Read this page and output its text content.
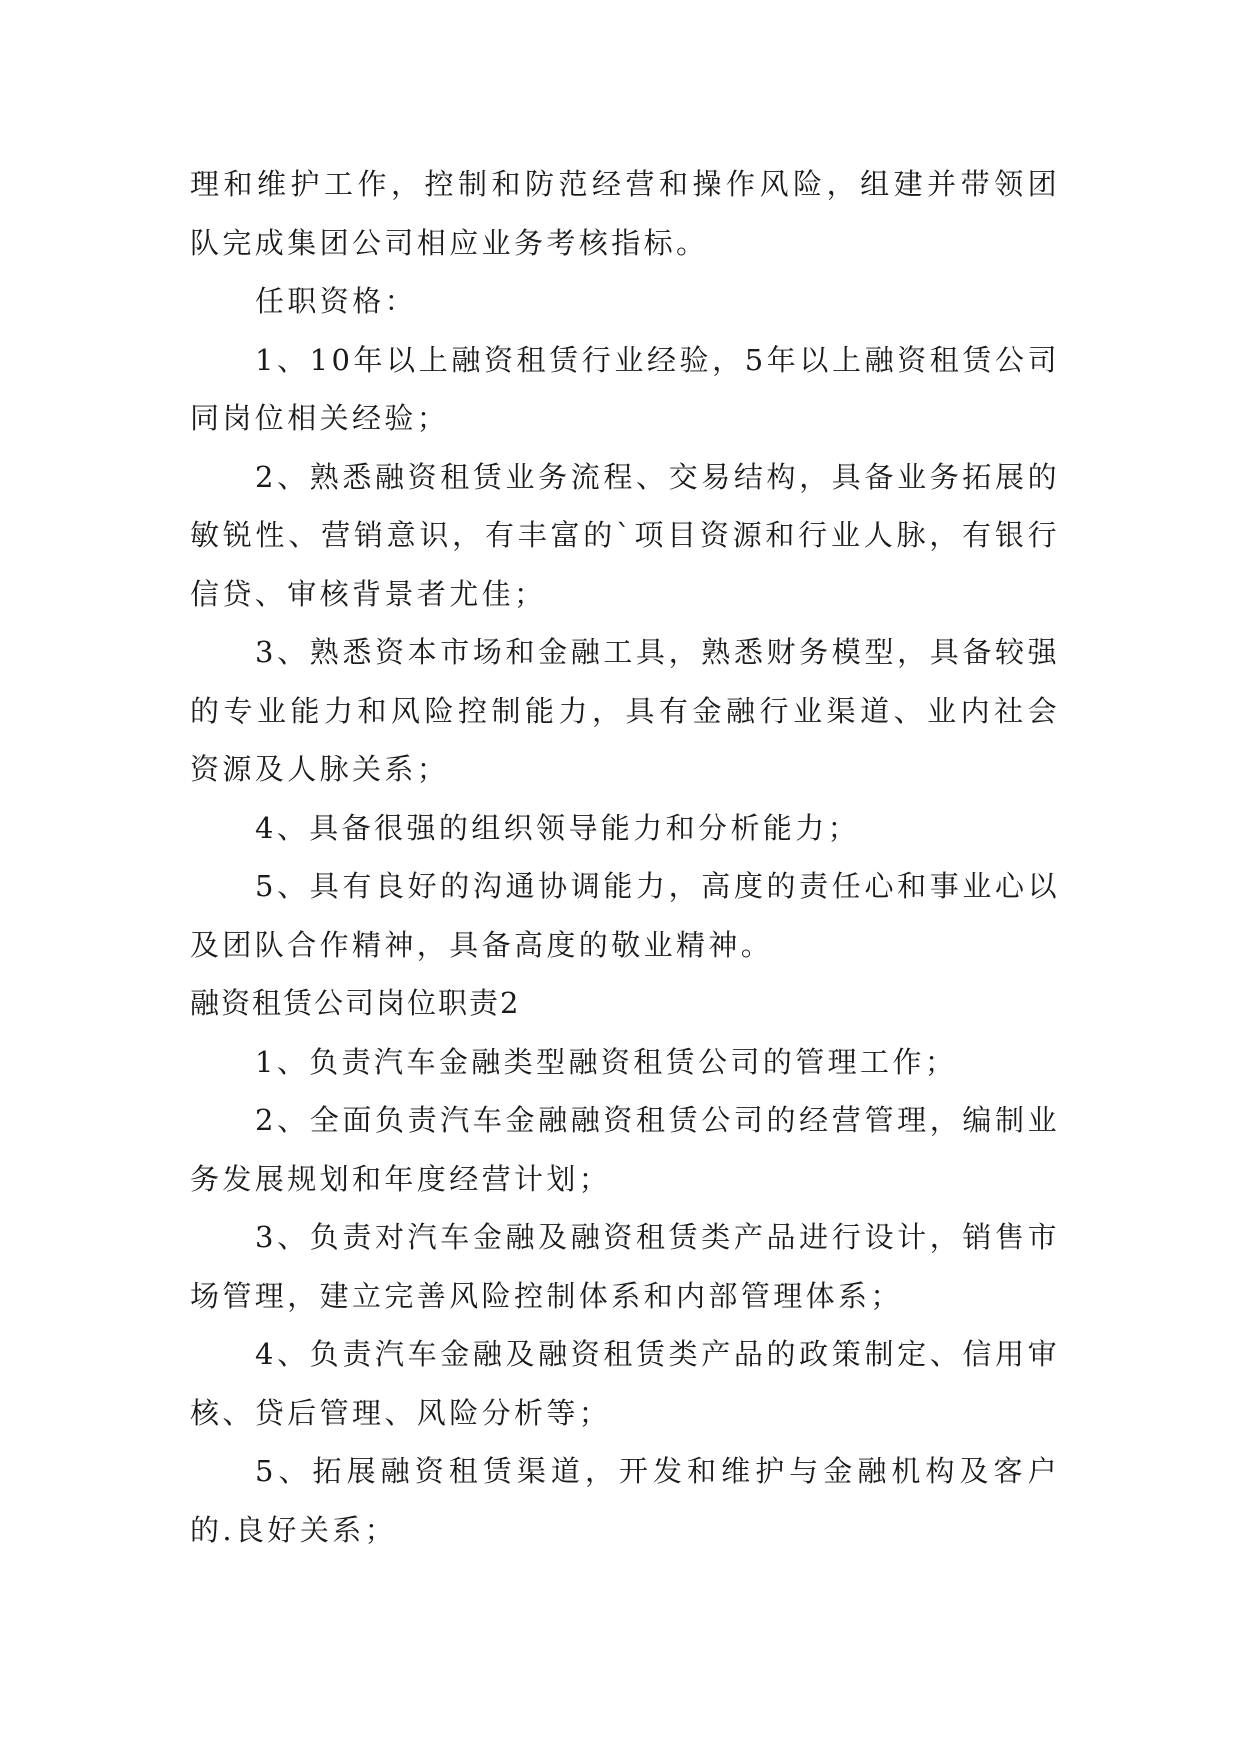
理和维护工作，控制和防范经营和操作风险，组建并带领团队完成集团公司相应业务考核指标。

任职资格：

1、10年以上融资租赁行业经验，5年以上融资租赁公司同岗位相关经验；

2、熟悉融资租赁业务流程、交易结构，具备业务拓展的敏锐性、营销意识，有丰富的`项目资源和行业人脉，有银行信贷、审核背景者尤佳；

3、熟悉资本市场和金融工具，熟悉财务模型，具备较强的专业能力和风险控制能力，具有金融行业渠道、业内社会资源及人脉关系；

4、具备很强的组织领导能力和分析能力；

5、具有良好的沟通协调能力，高度的责任心和事业心以及团队合作精神，具备高度的敬业精神。

融资租赁公司岗位职责2

1、负责汽车金融类型融资租赁公司的管理工作；

2、全面负责汽车金融融资租赁公司的经营管理，编制业务发展规划和年度经营计划；

3、负责对汽车金融及融资租赁类产品进行设计，销售市场管理，建立完善风险控制体系和内部管理体系；

4、负责汽车金融及融资租赁类产品的政策制定、信用审核、贷后管理、风险分析等；

5、拓展融资租赁渠道，开发和维护与金融机构及客户的.良好关系；
